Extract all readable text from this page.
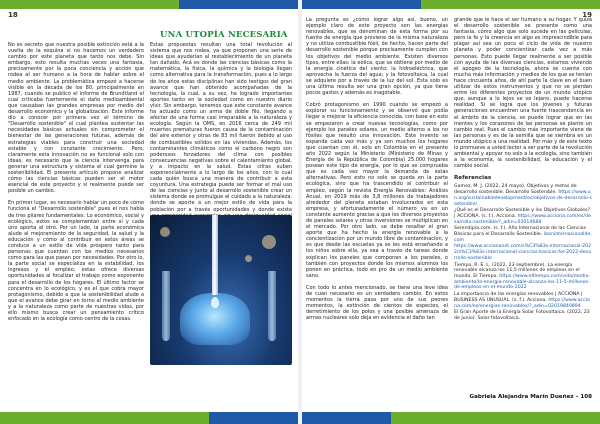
18	19
UNA UTOPÍA NECESARIA

No es secreto que nuestra posible extinción está a la vuelta de la esquina si no hacemos un verdadero cambio por este planeta que tanto nos debe. Sin embargo, esto resulta muchas veces una fantasía, precisamente por la poca conciencia y acción que rodea al ser humano a la hora de hablar sobre el medio ambiente. La problemática empezó a hacerse visible en la década de los 80, principalmente en 1987, cuando se publicó el informe de Brundtland el cual criticaba fuertemente el daño medioambiental que causaban las grandes empresas por medio del desarrollo económico y la globalización. Este informe dio a conocer por primera vez el término de "Desarrollo sostenible" el cual plantea sustentar las necesidades básicas actuales sin comprometer el bienestar de las generaciones futuras, además de estrategias viables para construir una sociedad estable y con constante crecimiento. Pero, claramente esta innovación no es funcional solo con ideas, es necesario que la ciencia intervenga para generar una estructura y sistema el cual germine la sostenibilidad. El presente artículo propone analizar cómo las ciencias básicas pueden ser el motor esencial de este proyecto y si realmente puede ser posible un cambio.

En primer lugar, es necesario hablar un poco de cómo funciona el "Desarrollo sostenible" pues el nos habla de tres pilares fundamentales: Lo económico, social y ecológico, estos se complementan entre sí y cada uno aporta al otro. Por un lado, la parte económica alude al mejoramiento de la seguridad, la salud y la educación y cómo al contribuir en estos áreas se conduce a un estilo de vida prospero tanto para personas que cuentan con los medios necesarios como para las que pasan por necesidades. Por otro lo, la parte social se especializa en la estabilidad, los ingresos y el empleo, estas ofrece diversas oportunidades al focalizar el trabajo como exponente para el desarrollo de los hogares. El último factor se concentra en lo ecológico, y es el que cobra mayor protagonismo, debido a que la sostenibilidad alude a que el avance debe girar en torno al medio ambiente y a la naturaleza como parte de nuestras vidas, por ello mismo busca crear un pensamiento crítico enfocado en la ecología como centro de la cosas.

Estas propuestas resultan una total revolución al sistema que nos rodea, ya que proponen una serie de ideas que ayudarían al restablecimiento de un planeta tan dañado. Acá es donde las ciencias básicas como la matemática, la física, la química y la biología llegan como alternativa para la transformación, pues a lo largo de los años estas disciplinas han sido testigos del gran avance que han obtenido acompañadas de la tecnología, la cual, a su vez, ha logrado importantes aportes tanto en la sociedad como en nuestro diario vivir. Sin embargo, tenemos que este constante avance ha actuado como un arma de doble filo, llegando a afectar de una forma casi irreparable a la naturaleza y ecología. Según la OMS, en 2016 cerca de 249 mil muertes prematuras fueron causa de la contaminación del aire exterior y otras de 83 mil fueron debido al uso de combustibles sólidos en las viviendas. Además, los contaminantes climáticos como el carbono negro son poderosos forzadores del clima con posibles consecuencias negativas sobre el calentamiento global, y a impacto en la salud. Estas cifras suben exponencialmente a lo largo de los años, con lo cual cada quién busca una manera de contribuir a esta coyuntura. Una estrategia puede ser formar el mal uso de las ciencias y junto al desarrollo sostenible crear un sistema donde se promulgue el cuidado a la naturaleza, donde se aporte a un mejor estilo de vida para la población por a través oportunidades y donde exista

La pregunta es ¿cómo lograr algo así, bueno, un ejemplo claro de este proyecto son las energías renovables, que se denominan de esta forma por su fuente de energía que proviene de la misma naturaleza y no utiliza combustible fósil, de hecho, hacen parte del desarrollo sostenible porque precisamente cumplen con los objetivos del medio ambiente. Existen diversos tipos, entre ellas: la eólica, que se obtiene por medio de la energía cinética del viento; la hidroeléctrica, que aprovecha la fuerza del agua; y la fotovoltaica, la cual se adquiere por a través de la luz del sol. Esta solo es una última resulta ser una gran opción, ya que tiene pocos gastos y además es inagotable.

Cobró protagonismo en 1990 cuando se empezó a explorar su funcionamiento y se observó que podía llegar a mejorar la eficiencia conocida, con base en esto se empezaron a crear nuevas tecnologías, como por ejemplo los paneles solares, un medio alterno a los no fósiles que resultó una innovación. Este invento se expande cada vez más y ya son muchos los hogares que cuentan con él, solo en Colombia en el presente año 2022 según la Ministerio (Ministerio de Minas y Energía de la República de Colombia) 25.000 hogares posean este tipo de energía, por lo que se comprueba que es cada vez mayor la demanda de estas alternativas. Pero esto no solo se queda en la parte ecológica, sino que ha trascendido al contribuir el empleo, según la revista Energía Renovables: Análisis Anual, en 2019 más de 3,8 millones de trabajadores alrededor del planeta estaban involucrados en esta empresa, y afortunadamente el número va en un constante aumento gracias a que los diversos proyectos de paneles solares y otras inversiones se multiplican en el mercado. Por otro lado, se debe resaltar el gran aporte que ha hecho la energía renovable a la concientización por un mundo libre de contaminación, y es que desde las escuelas ya se les está enseñando a los niños sobre ella, ya sea a través de tareas donde explican los paneles que componen a los paneles, o también con proyectos donde los mismos alumnos los ponen en práctica, todo en pro de un medio ambiente sano.

Con todo lo antes mencionado, se tiene una leve idea de cuan necesario es un verdadero cambio. En estos momentos la tierra pasa por uno de sus peores momentos, la extinción de cientos de especies, el derretimiento de los polos y una posible amenaza de armas nucleares solo deja en evidencia el daño tan

grande que le hace el ser humano a su hogar. Y quizá el desarrollo sostenible se presente como una fantasía, cómo algo que solo sucede en las películas, pero la fe y la creencia en algo es imprescindible para plagar así sea un poco el ciclo de vida de nuestro planeta y poder concientizar cada vez a más personas. Esto puede llegar realmente a ser posible con ayuda de las diversas ciencias, estamos viviendo el apogeo de la tecnología, ahora se cuenta con mucha más información y medios de los que se tenían hace cincuenta años, de ahí parte la clave en el buen utilizar de estos instrumentos y que no se pierdan entre los diferentes proyectos de un mundo utópico que, aunque a lo lejos se ve lejano, puede hacerse realidad. Si se logra que los jóvenes y futuras generaciones encuentren una fuerte trascendencia en el ámbito de la ciencia, se puede lograr que en las mentes y los corazones de las personas se plante un cambio real. Pues el cambio más importante viene de las personas y es de la semilla que se siembra en un mundo utópico a una realidad. Por más y de este texto lo promueve a usted lector a ser parte de la revolución ambiental y apoyar no solo a la ecología, sino también a la economía, la sostenibilidad, la educación y el cambio social.

Referencias

Gamez, M. J. (2022, 24 mayo). Objetivos y metas de desarrollo sostenible. Desarrollo Sostenible. https://www.un.org/sustainabledevelopment/es/objetivos-de-desarrollo-sostenible/

¿Qué es el Desarrollo Sostenible y los Objetivos Globales? | ACCIONA. (s. f.). Acciona. https://www.acciona.com/es/desarrollo-sostenible/?_adin=01014688

Serendipia.com. (s. f.). Año Internacional de las Ciencias Básicas para el Desarrollo Sostenible. ibaninternacionalde.com

https://www.accionanet.com/s%C3%83s-internacional-2022/s%C3%83s-internacional-ciencias-basicas-for-2022-desarrollo-sostenible

Tiempo, R. E. L. (2022, 23 septiembre). La energía renovable alcanza los 11,5 millones de empleos en el mundo. El Tiempo. https://www.eltiempo.com/vida/medio-ambiente/la-energia-renovable-alcanza-los-11-5-millones-de-empleos-en-el-mundo-2022

La importancia de las energías renovables | ACCIONA | BUSINESS AS UNUSUAL. (s. f.). Acciona. https://www.acciona.com/es/energias-renovables/?_adin=02019840894

El Gran Aporte de la Energía Solar Fotovoltaica. (2022, 23 de junio). Solar fotovoltaica.

Gabriela Alejandra Marín Dueñez – 108
